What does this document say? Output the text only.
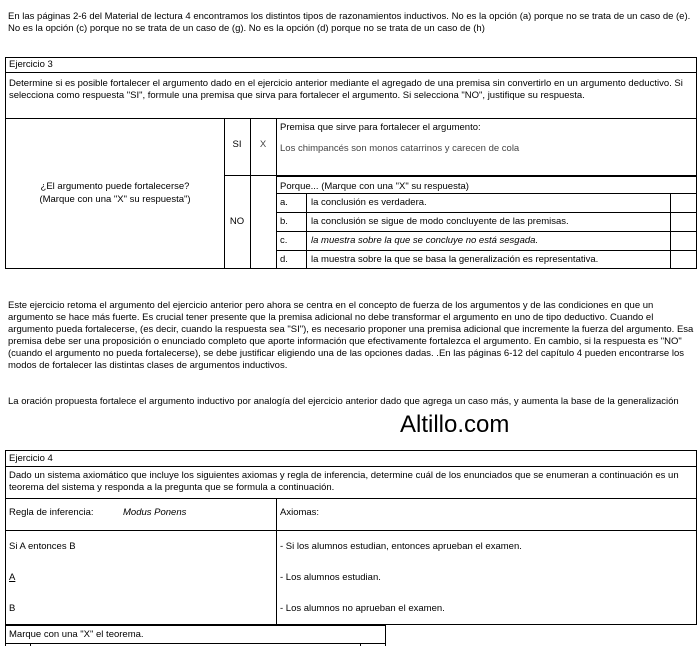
En las páginas 2-6 del Material de lectura 4 encontramos los distintos tipos de razonamientos inductivos. No es la opción (a) porque no se trata de un caso de (e). No es la opción (c) porque no se trata de un caso de (g). No es la opción (d) porque no se trata de un caso de (h)
Ejercicio 3
Determine si es posible fortalecer el argumento dado en el ejercicio anterior mediante el agregado de una premisa sin convertirlo en un argumento deductivo. Si selecciona como respuesta "SI", formule una premisa que sirva para fortalecer el argumento. Si selecciona "NO", justifique su respuesta.
¿El argumento puede fortalecerse?
(Marque con una "X" su respuesta")
SI	X
Premisa que sirve para fortalecer el argumento:
Los chimpancés son monos catarrinos y carecen de cola
NO
Porque... (Marque con una "X" su respuesta)
a. la conclusión es verdadera.

b. la conclusión se sigue de modo concluyente de las premisas.

c. la muestra sobre la que se concluye no está sesgada.

d. la muestra sobre la que se basa la generalización es representativa.

Este ejercicio retoma el argumento del ejercicio anterior pero ahora se centra en el concepto de fuerza de los argumentos y de las condiciones en que un argumento se hace más fuerte. Es crucial tener presente que la premisa adicional no debe transformar el argumento en uno de tipo deductivo. Cuando el argumento pueda fortalecerse, (es decir, cuando la respuesta sea "SI"), es necesario proponer una premisa adicional que incremente la fuerza del argumento. Esa premisa debe ser una proposición o enunciado completo que aporte información que efectivamente fortalezca el argumento. En cambio, si la respuesta es "NO" (cuando el argumento no pueda fortalecerse), se debe justificar eligiendo una de las opciones dadas. .En las páginas 6-12 del capítulo 4 pueden encontrarse los modos de fortalecer las distintas clases de argumentos inductivos.
La oración propuesta fortalece el argumento inductivo por analogía del ejercicio anterior dado que agrega un caso más, y aumenta la base de la generalización
Altillo.com
Ejercicio 4
Dado un sistema axiomático que incluye los siguientes axiomas y regla de inferencia, determine cuál de los enunciados que se enumeran a continuación es un teorema del sistema y responda a la pregunta que se formula a continuación.
Regla de inferencia:	Modus Ponens	Axiomas:
Si A entonces B	- Si los alumnos estudian, entonces aprueban el examen.
A	- Los alumnos estudian.
B	- Los alumnos no aprueban el examen.
Marque con una "X" el teorema.
